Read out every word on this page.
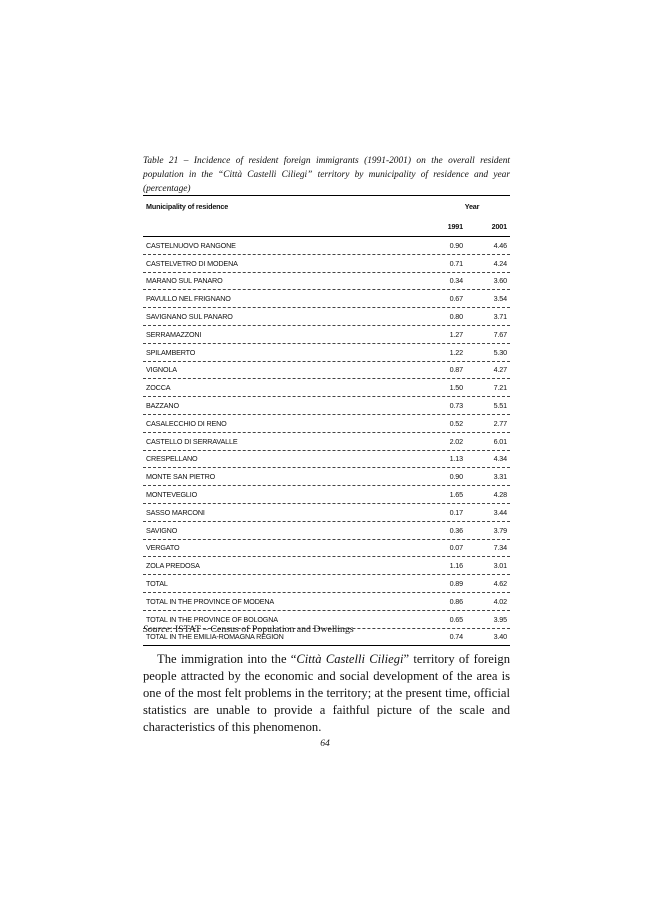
Table 21 – Incidence of resident foreign immigrants (1991-2001) on the overall resident population in the “Città Castelli Ciliegi” territory by municipality of residence and year (percentage)
Municipality of residence	Year
1991	2001
CASTELNUOVO RANGONE	0.90	4.46
CASTELVETRO DI MODENA	0.71	4.24
MARANO SUL PANARO	0.34	3.60
PAVULLO NEL FRIGNANO	0.67	3.54
SAVIGNANO SUL PANARO	0.80	3.71
SERRAMAZZONI	1.27	7.67
SPILAMBERTO	1.22	5.30
VIGNOLA	0.87	4.27
ZOCCA	1.50	7.21
BAZZANO	0.73	5.51
CASALECCHIO DI RENO	0.52	2.77
CASTELLO DI SERRAVALLE	2.02	6.01
CRESPELLANO	1.13	4.34
MONTE SAN PIETRO	0.90	3.31
MONTEVEGLIO	1.65	4.28
SASSO MARCONI	0.17	3.44
SAVIGNO	0.36	3.79
VERGATO	0.07	7.34
ZOLA PREDOSA	1.16	3.01
TOTAL	0.89	4.62
TOTAL IN THE PROVINCE OF MODENA	0.86	4.02
TOTAL IN THE PROVINCE OF BOLOGNA	0.65	3.95
TOTAL IN THE EMILIA-ROMAGNA REGION	0.74	3.40
Source: ISTAT – Census of Population and Dwellings

The immigration into the “Città Castelli Ciliegi” territory of foreign people attracted by the economic and social development of the area is one of the most felt problems in the territory; at the present time, official statistics are unable to provide a faithful picture of the scale and characteristics of this phenomenon.

64
